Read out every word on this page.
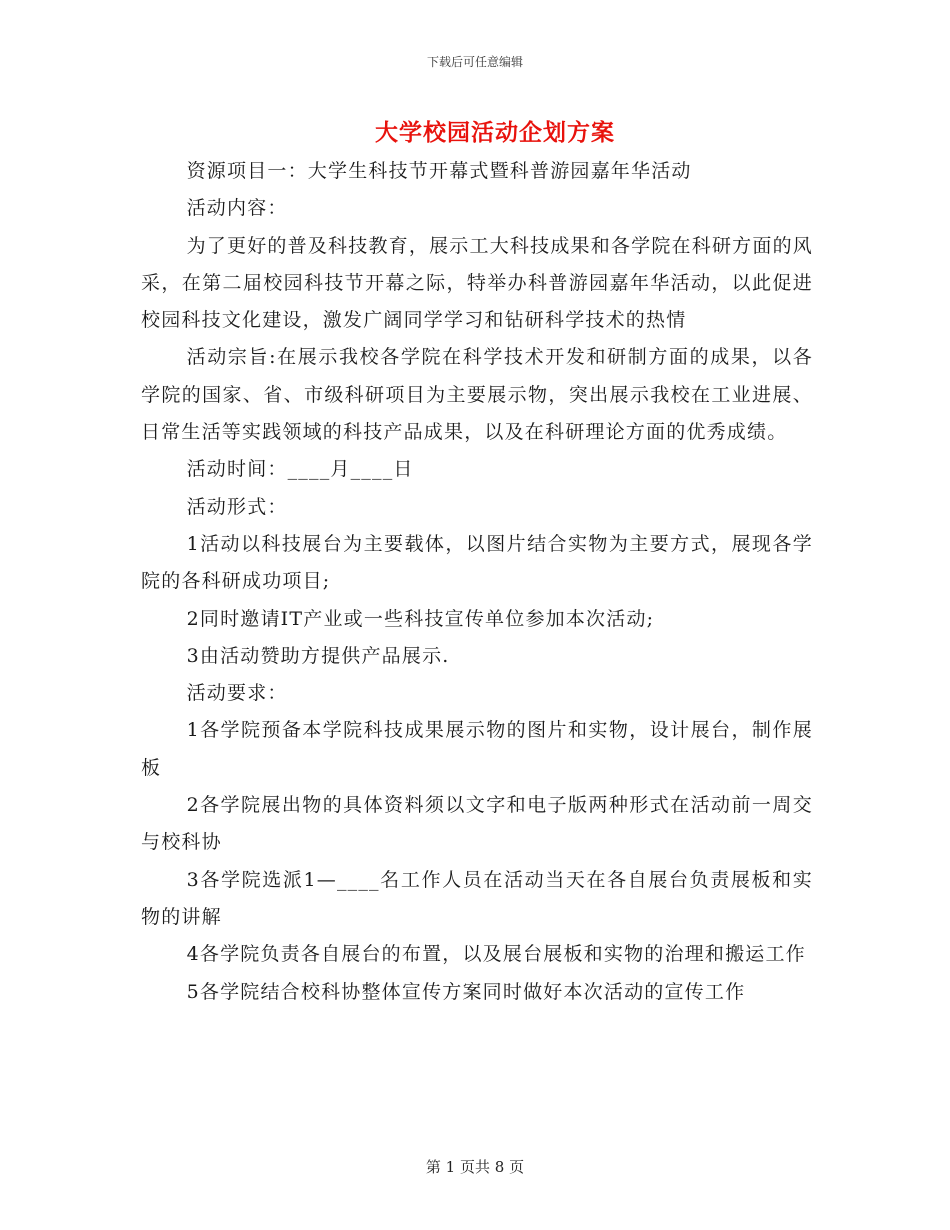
下载后可任意编辑
大学校园活动企划方案

资源项目一：大学生科技节开幕式暨科普游园嘉年华活动

活动内容：

为了更好的普及科技教育，展示工大科技成果和各学院在科研方面的风采，在第二届校园科技节开幕之际，特举办科普游园嘉年华活动，以此促进校园科技文化建设，激发广阔同学学习和钻研科学技术的热情

活动宗旨:在展示我校各学院在科学技术开发和研制方面的成果，以各学院的国家、省、市级科研项目为主要展示物，突出展示我校在工业进展、日常生活等实践领域的科技产品成果，以及在科研理论方面的优秀成绩。

活动时间：____月____日

活动形式：

1活动以科技展台为主要载体，以图片结合实物为主要方式，展现各学院的各科研成功项目;

2同时邀请IT产业或一些科技宣传单位参加本次活动;

3由活动赞助方提供产品展示.

活动要求：

1各学院预备本学院科技成果展示物的图片和实物，设计展台，制作展板

2各学院展出物的具体资料须以文字和电子版两种形式在活动前一周交与校科协

3各学院选派1—____名工作人员在活动当天在各自展台负责展板和实物的讲解

4各学院负责各自展台的布置，以及展台展板和实物的治理和搬运工作

5各学院结合校科协整体宣传方案同时做好本次活动的宣传工作

第 1 页共 8 页
